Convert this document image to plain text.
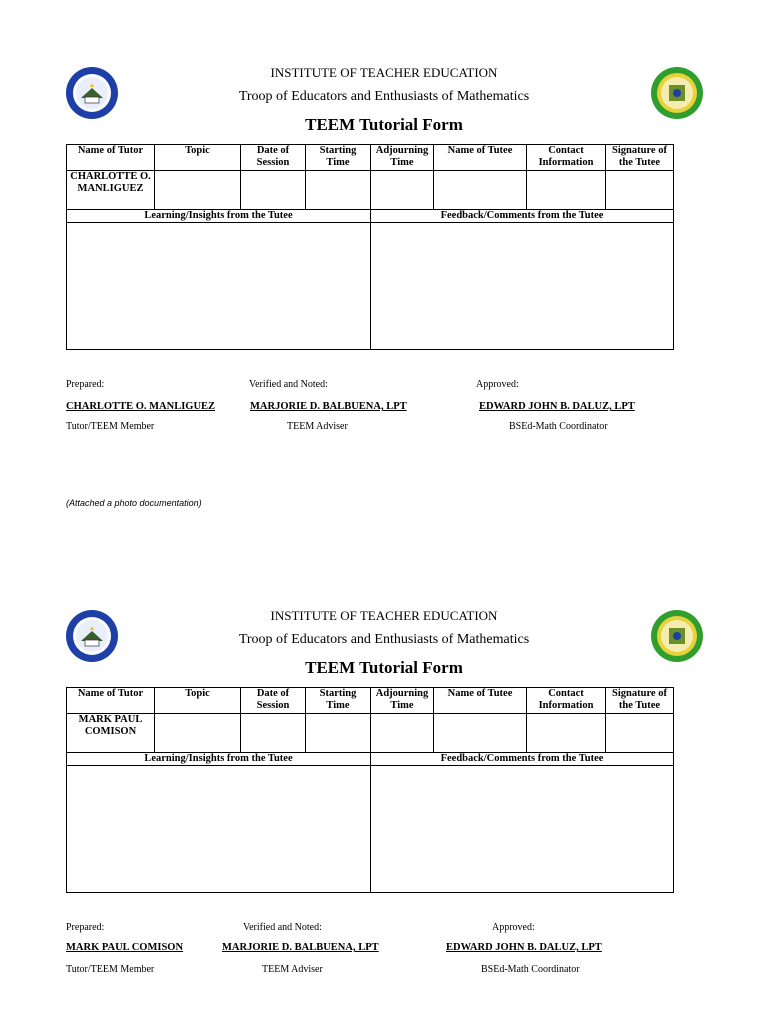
INSTITUTE OF TEACHER EDUCATION
Troop of Educators and Enthusiasts of Mathematics
TEEM Tutorial Form
Name of Tutor	Topic	Date of Session	Starting Time	Adjourning Time	Name of Tutee	Contact Information	Signature of the Tutee
CHARLOTTE O. MANLIGUEZ							
Learning/Insights from the Tutee				Feedback/Comments from the Tutee			

Prepared:	Verified and Noted:	Approved:
CHARLOTTE O. MANLIGUEZ	MARJORIE D. BALBUENA, LPT	EDWARD JOHN B. DALUZ, LPT
Tutor/TEEM Member	TEEM Adviser	BSEd-Math Coordinator
(Attached a photo documentation)
INSTITUTE OF TEACHER EDUCATION
Troop of Educators and Enthusiasts of Mathematics
TEEM Tutorial Form
Name of Tutor	Topic	Date of Session	Starting Time	Adjourning Time	Name of Tutee	Contact Information	Signature of the Tutee
MARK PAUL COMISON							
Learning/Insights from the Tutee				Feedback/Comments from the Tutee			

Prepared:	Verified and Noted:	Approved:
MARK PAUL COMISON	MARJORIE D. BALBUENA, LPT	EDWARD JOHN B. DALUZ, LPT
Tutor/TEEM Member	TEEM Adviser	BSEd-Math Coordinator
